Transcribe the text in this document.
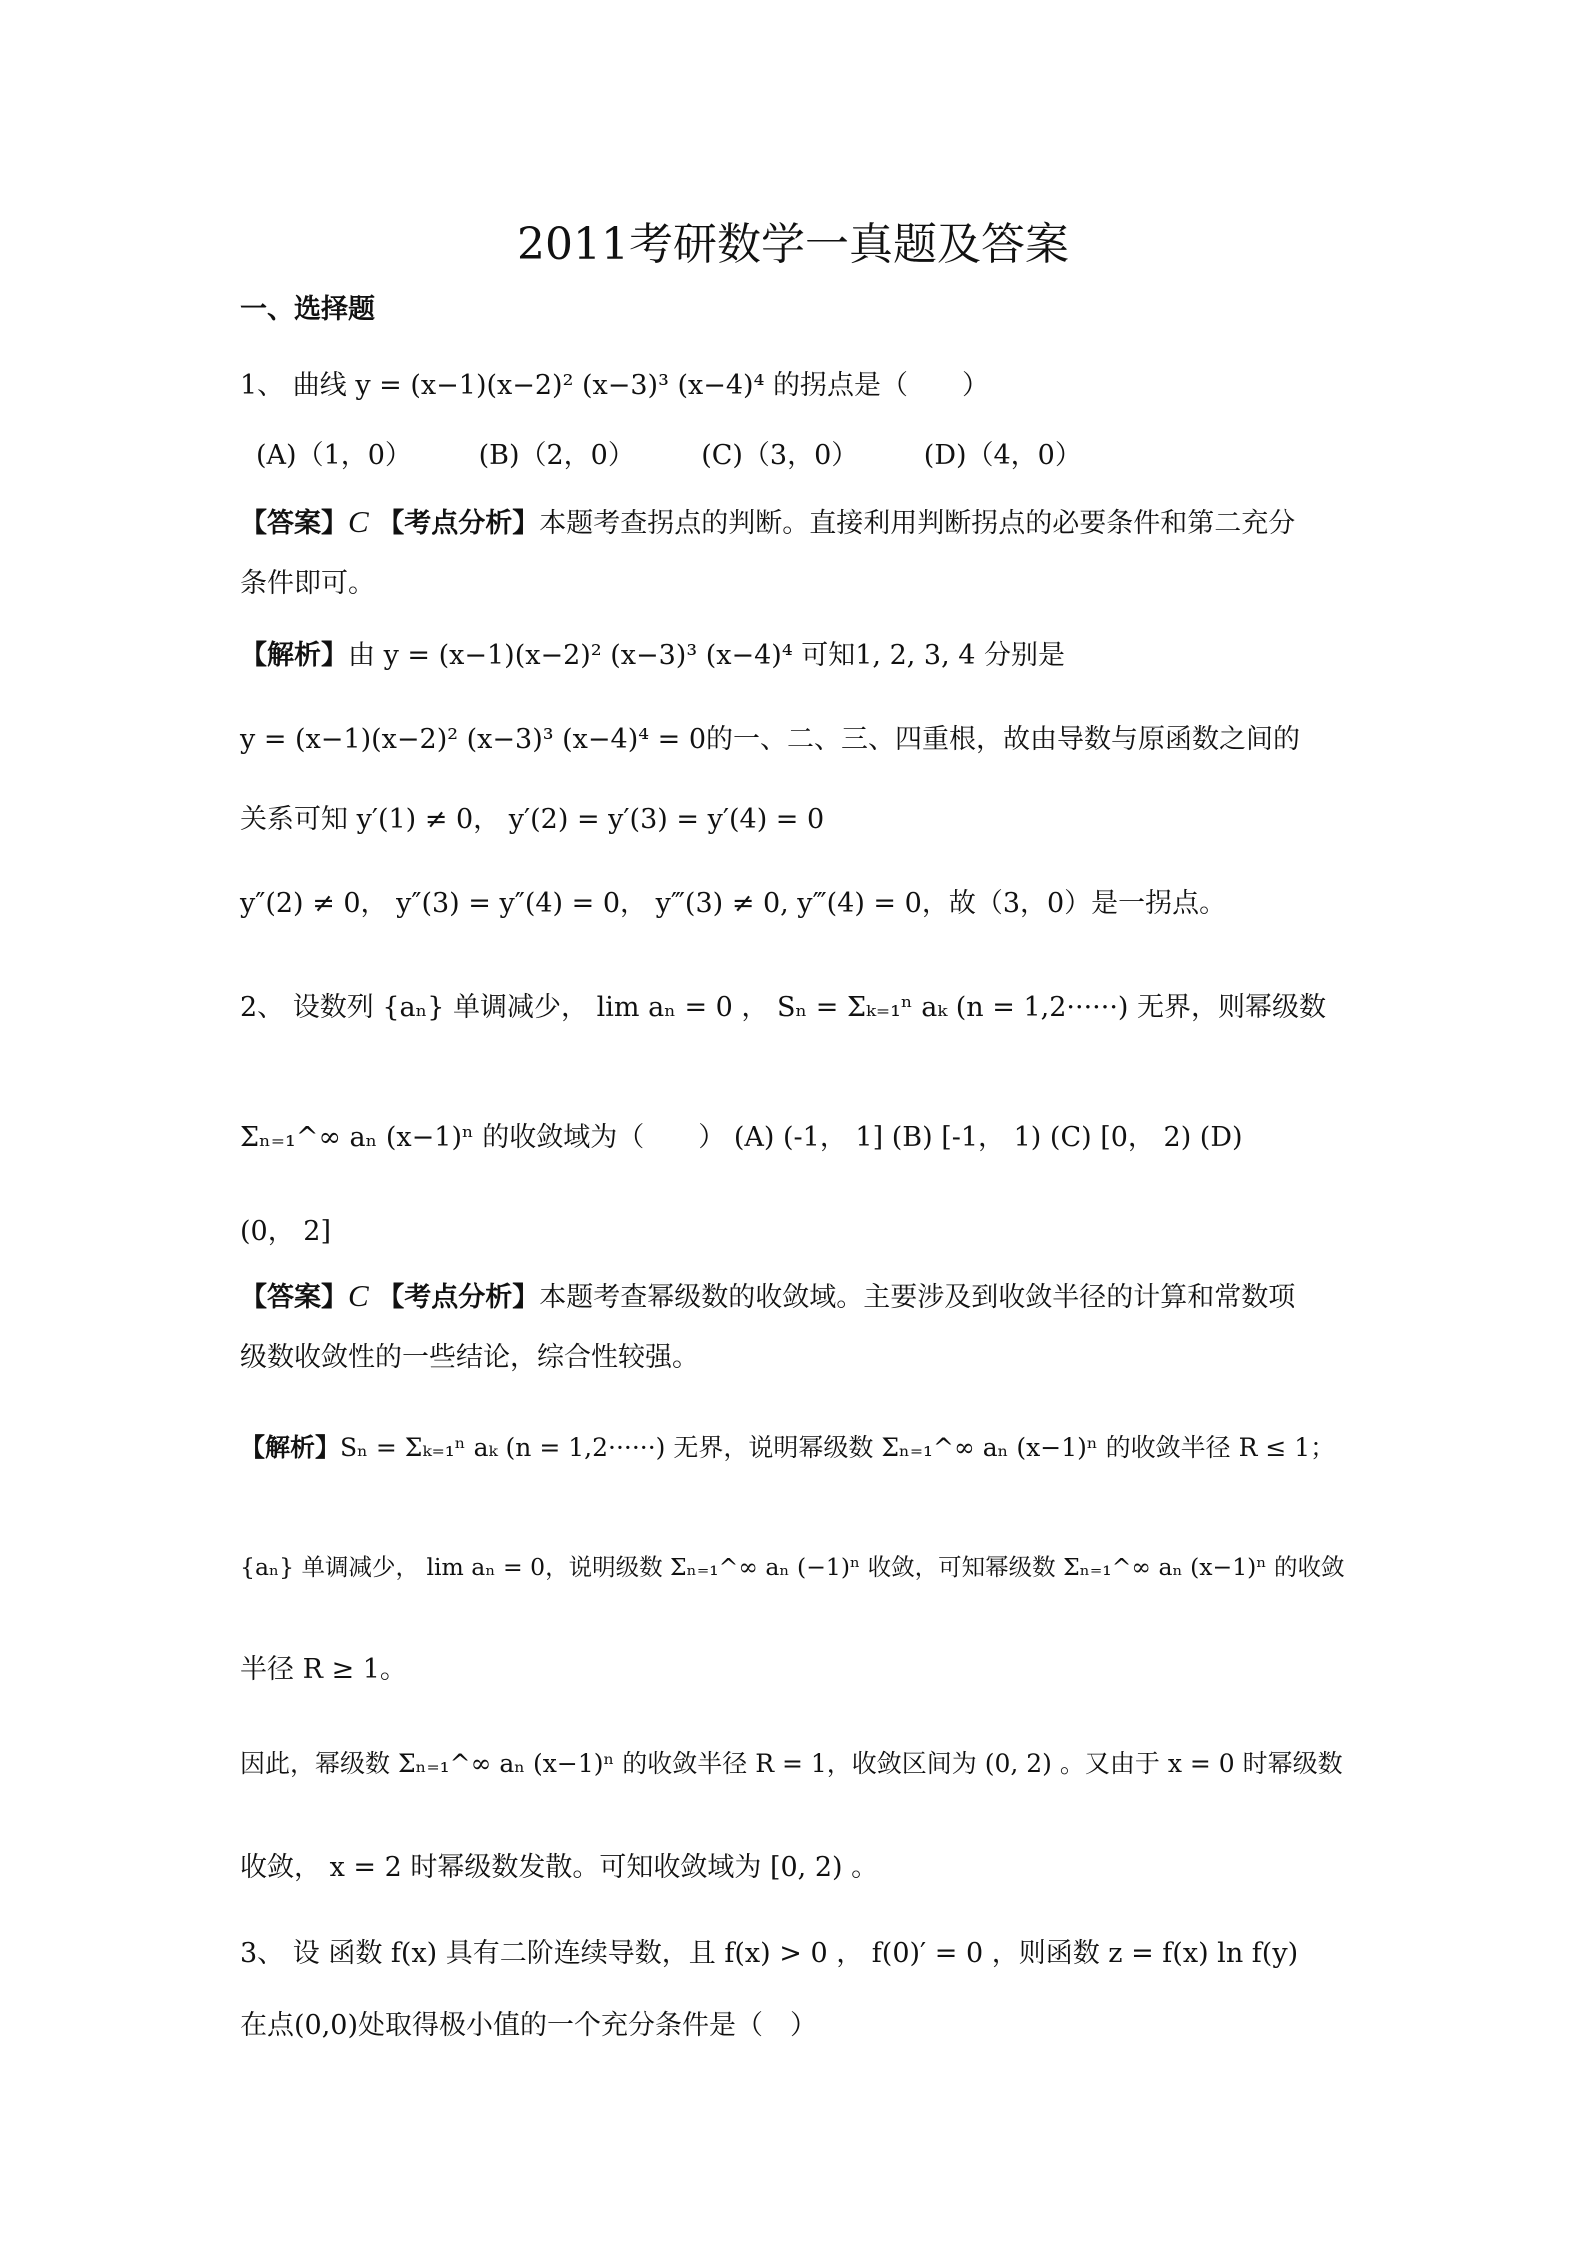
2011考研数学一真题及答案
一、选择题
1、 曲线 y = (x−1)(x−2)² (x−3)³ (x−4)⁴ 的拐点是（　　）
(A)（1，0） (B)（2，0） (C)（3，0） (D)（4，0）
【答案】C 【考点分析】本题考查拐点的判断。直接利用判断拐点的必要条件和第二充分
条件即可。
【解析】由 y = (x−1)(x−2)² (x−3)³ (x−4)⁴ 可知1, 2, 3, 4 分别是
y = (x−1)(x−2)² (x−3)³ (x−4)⁴ = 0的一、二、三、四重根，故由导数与原函数之间的
关系可知 y′(1) ≠ 0， y′(2) = y′(3) = y′(4) = 0
y″(2) ≠ 0， y″(3) = y″(4) = 0， y‴(3) ≠ 0, y‴(4) = 0，故（3，0）是一拐点。
2、 设数列 {aₙ} 单调减少， lim aₙ = 0 ， Sₙ = Σₖ₌₁ⁿ aₖ (n = 1,2······) 无界，则幂级数
Σₙ₌₁^∞ aₙ (x−1)ⁿ 的收敛域为（　　） (A) (-1， 1] (B) [-1， 1) (C) [0， 2) (D)
(0， 2]
【答案】C 【考点分析】本题考查幂级数的收敛域。主要涉及到收敛半径的计算和常数项
级数收敛性的一些结论，综合性较强。
【解析】Sₙ = Σₖ₌₁ⁿ aₖ (n = 1,2······) 无界，说明幂级数 Σₙ₌₁^∞ aₙ (x−1)ⁿ 的收敛半径 R ≤ 1；
{aₙ} 单调减少， lim aₙ = 0，说明级数 Σₙ₌₁^∞ aₙ (−1)ⁿ 收敛，可知幂级数 Σₙ₌₁^∞ aₙ (x−1)ⁿ 的收敛
半径 R ≥ 1。
因此，幂级数 Σₙ₌₁^∞ aₙ (x−1)ⁿ 的收敛半径 R = 1，收敛区间为 (0, 2) 。又由于 x = 0 时幂级数
收敛， x = 2 时幂级数发散。可知收敛域为 [0, 2) 。
3、 设 函数 f(x) 具有二阶连续导数，且 f(x) > 0 ， f(0)′ = 0 ，则函数 z = f(x) ln f(y)
在点(0,0)处取得极小值的一个充分条件是（　）
